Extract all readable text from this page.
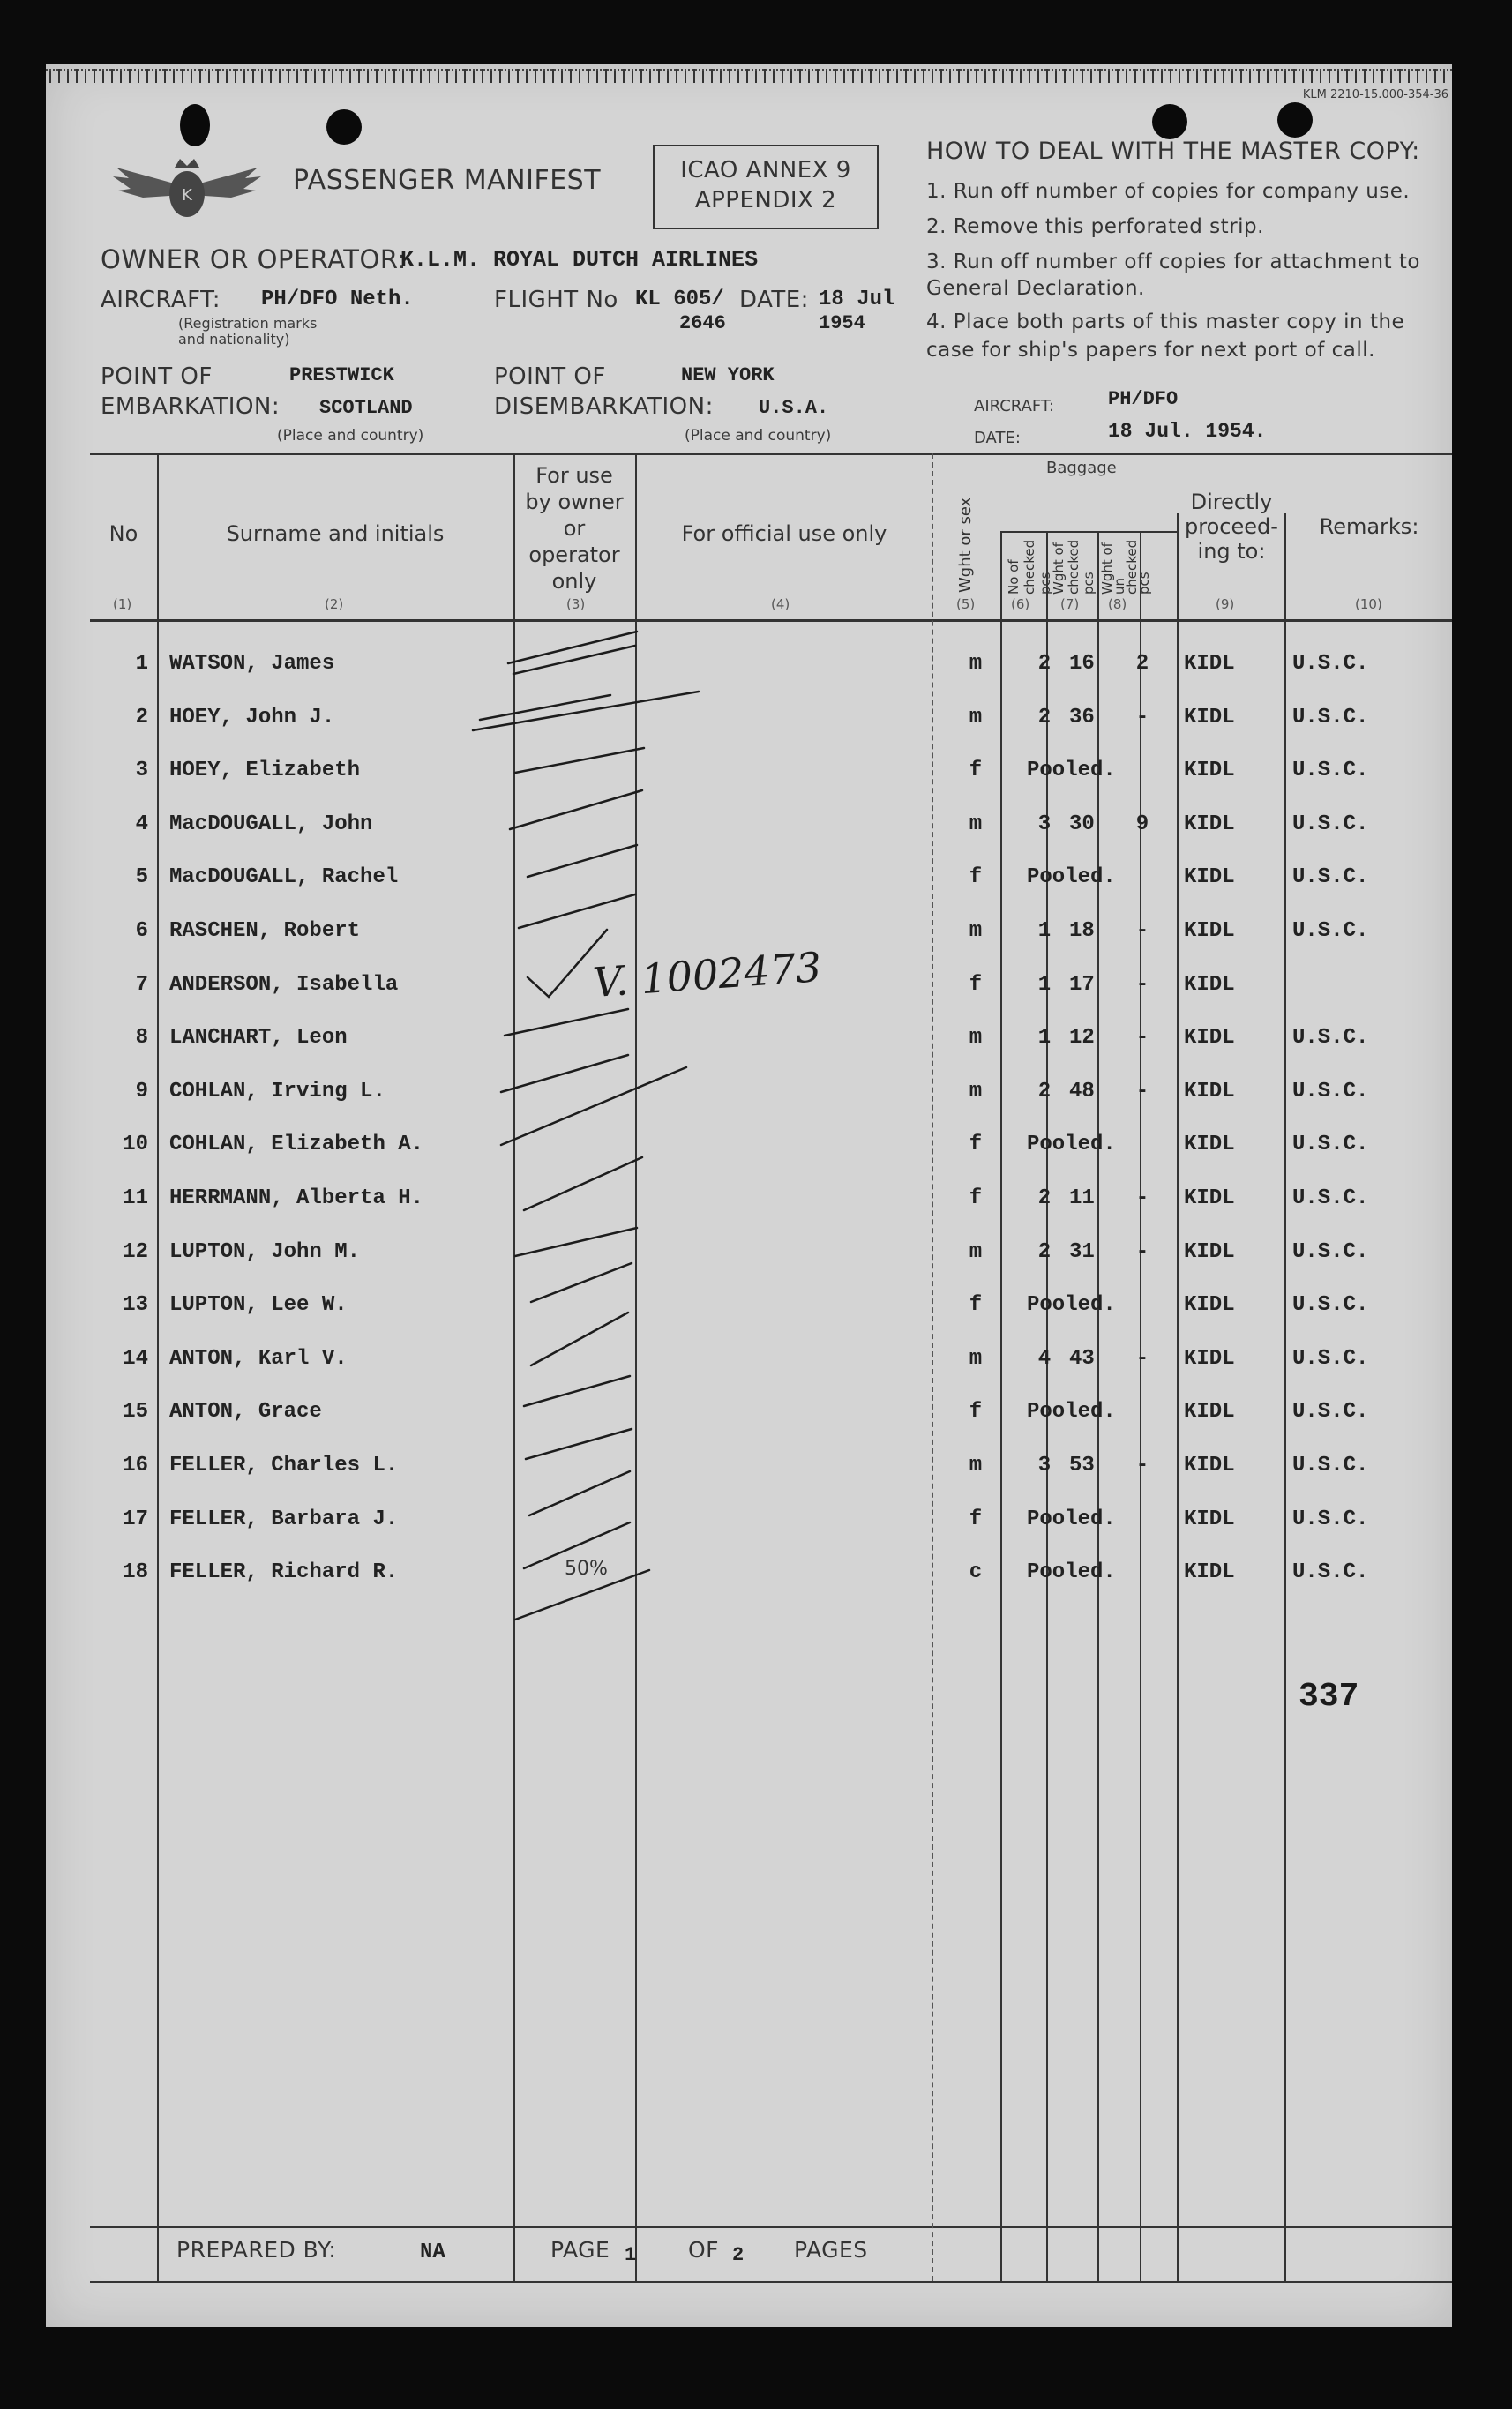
KLM 2210-15.000-354-36
K	PASSENGER MANIFEST	ICAO ANNEX 9
APPENDIX 2
OWNER OR OPERATOR:
K.L.M. ROYAL DUTCH AIRLINES
AIRCRAFT: PH/DFO Neth.
(Registration marks and nationality)
FLIGHT No KL 605/
2646
DATE: 18 Jul
1954
POINT OF
EMBARKATION:
PRESTWICK
SCOTLAND
(Place and country)
POINT OF
DISEMBARKATION:
NEW YORK
U.S.A.
(Place and country)
HOW TO DEAL WITH THE MASTER COPY:
1. Run off number of copies for company use.
2. Remove this perforated strip.
3. Run off number off copies for attachment to
General Declaration.
4. Place both parts of this master copy in the
case for ship's papers for next port of call.
AIRCRAFT:	PH/DFO
DATE:	18 Jul. 1954.
No	Surname and initials
For use
by owner
or
operator
only
For official use only	Wght or sex
Baggage
No of checked pcs
Wght of checked pcs Wght of un checked pcs
Directly
proceed-
ing to:
Remarks:
(1)	(2)	(3)	(4)	(5)	(6) (7) (8)	(9)	(10)
1 WATSON, James	m	2 16	2	KIDL	U.S.C.
2 HOEY, John J.	m	2 36	-	KIDL	U.S.C.
3 HOEY, Elizabeth	f	Pooled.	KIDL	U.S.C.
4 MacDOUGALL, John	m	3 30	9	KIDL	U.S.C.
5 MacDOUGALL, Rachel	f	Pooled.	KIDL	U.S.C.
6 RASCHEN, Robert	m	1 18	-	KIDL	U.S.C.
7 ANDERSON, Isabella	f	1 17	-	KIDL
8 LANCHART, Leon	m	1 12	-	KIDL	U.S.C.
9 COHLAN, Irving L.	m	2 48	-	KIDL	U.S.C.
10 COHLAN, Elizabeth A.	f	Pooled.	KIDL	U.S.C.
11 HERRMANN, Alberta H.	f	2 11	-	KIDL	U.S.C.
12 LUPTON, John M.	m	2 31	-	KIDL	U.S.C.
13 LUPTON, Lee W.	f	Pooled.	KIDL	U.S.C.
14 ANTON, Karl V.	m	4 43	-	KIDL	U.S.C.
15 ANTON, Grace	f	Pooled.	KIDL	U.S.C.
16 FELLER, Charles L.	m	3 53	-	KIDL	U.S.C.
17 FELLER, Barbara J.	f	Pooled.	KIDL	U.S.C.
18 FELLER, Richard R.	c	Pooled.	KIDL	U.S.C.
V. 1002473
50%
337
PREPARED BY:	NA	PAGE 1 OF 2 PAGES
